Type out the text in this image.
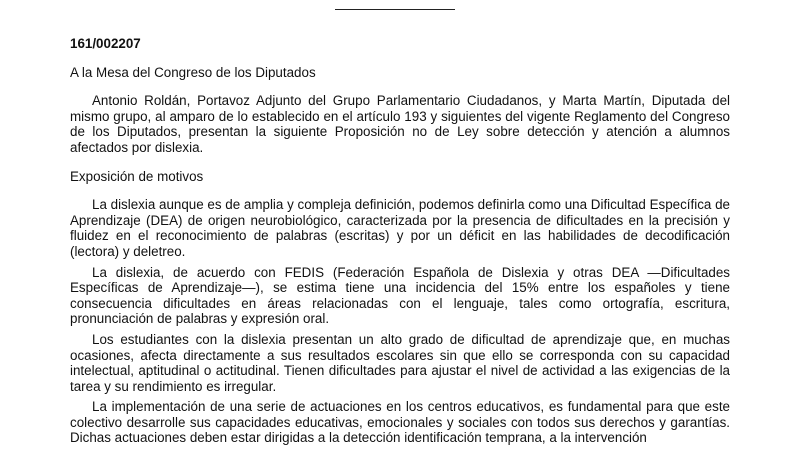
161/002207

A la Mesa del Congreso de los Diputados

Antonio Roldán, Portavoz Adjunto del Grupo Parlamentario Ciudadanos, y Marta Martín, Diputada del mismo grupo, al amparo de lo establecido en el artículo 193 y siguientes del vigente Reglamento del Congreso de los Diputados, presentan la siguiente Proposición no de Ley sobre detección y atención a alumnos afectados por dislexia.

Exposición de motivos

La dislexia aunque es de amplia y compleja definición, podemos definirla como una Dificultad Específica de Aprendizaje (DEA) de origen neurobiológico, caracterizada por la presencia de dificultades en la precisión y fluidez en el reconocimiento de palabras (escritas) y por un déficit en las habilidades de decodificación (lectora) y deletreo.

La dislexia, de acuerdo con FEDIS (Federación Española de Dislexia y otras DEA —Dificultades Específicas de Aprendizaje—), se estima tiene una incidencia del 15% entre los españoles y tiene consecuencia dificultades en áreas relacionadas con el lenguaje, tales como ortografía, escritura, pronunciación de palabras y expresión oral.

Los estudiantes con la dislexia presentan un alto grado de dificultad de aprendizaje que, en muchas ocasiones, afecta directamente a sus resultados escolares sin que ello se corresponda con su capacidad intelectual, aptitudinal o actitudinal. Tienen dificultades para ajustar el nivel de actividad a las exigencias de la tarea y su rendimiento es irregular.

La implementación de una serie de actuaciones en los centros educativos, es fundamental para que este colectivo desarrolle sus capacidades educativas, emocionales y sociales con todos sus derechos y garantías. Dichas actuaciones deben estar dirigidas a la detección identificación temprana, a la intervención
